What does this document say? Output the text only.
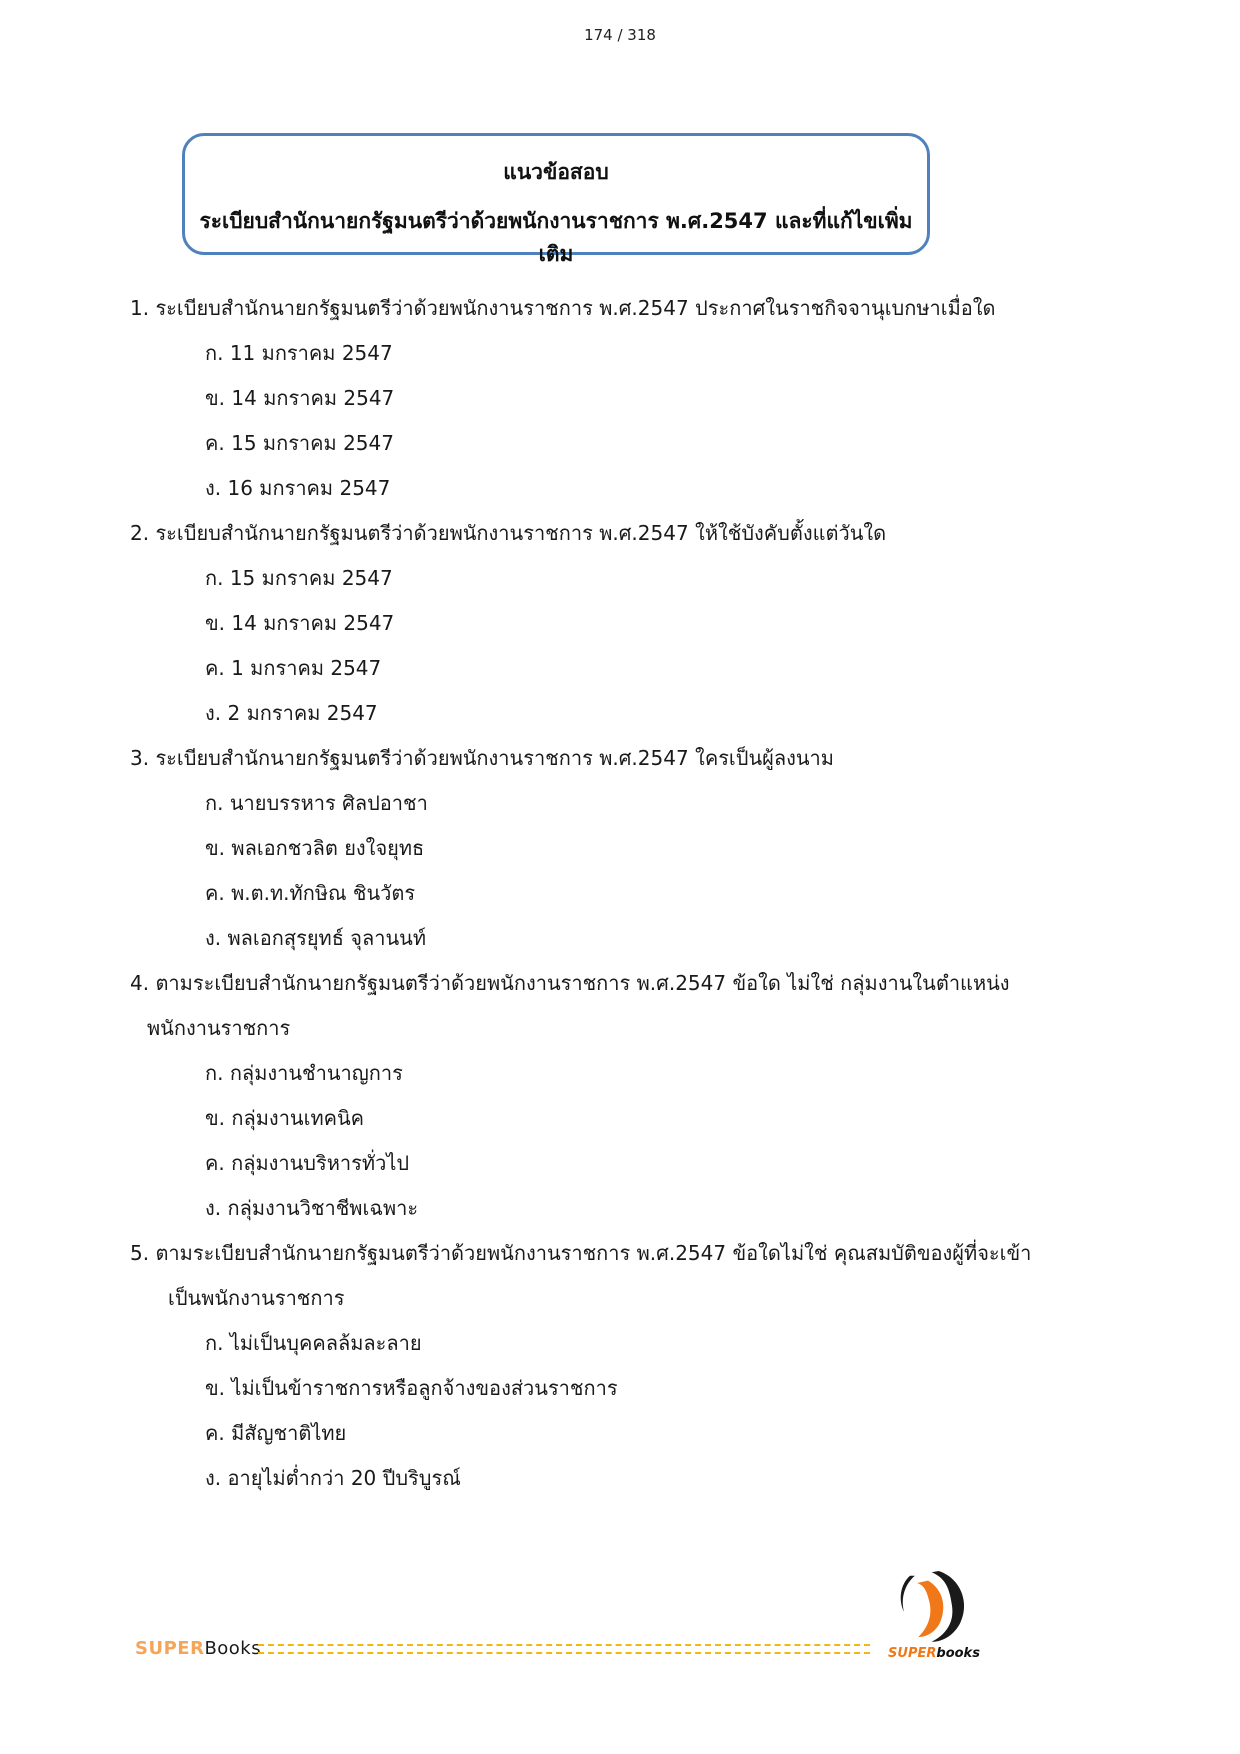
174 / 318
แนวข้อสอบ
ระเบียบสำนักนายกรัฐมนตรีว่าด้วยพนักงานราชการ พ.ศ.2547 และที่แก้ไขเพิ่มเติม
1. ระเบียบสำนักนายกรัฐมนตรีว่าด้วยพนักงานราชการ พ.ศ.2547 ประกาศในราชกิจจานุเบกษาเมื่อใด
ก. 11 มกราคม 2547
ข. 14 มกราคม 2547
ค. 15 มกราคม 2547
ง. 16 มกราคม 2547
2. ระเบียบสำนักนายกรัฐมนตรีว่าด้วยพนักงานราชการ พ.ศ.2547 ให้ใช้บังคับตั้งแต่วันใด
ก. 15 มกราคม 2547
ข. 14 มกราคม 2547
ค. 1 มกราคม 2547
ง. 2 มกราคม 2547
3. ระเบียบสำนักนายกรัฐมนตรีว่าด้วยพนักงานราชการ พ.ศ.2547 ใครเป็นผู้ลงนาม
ก. นายบรรหาร ศิลปอาชา
ข. พลเอกชวลิต ยงใจยุทธ
ค. พ.ต.ท.ทักษิณ ชินวัตร
ง. พลเอกสุรยุทธ์ จุลานนท์
4. ตามระเบียบสำนักนายกรัฐมนตรีว่าด้วยพนักงานราชการ พ.ศ.2547 ข้อใด ไม่ใช่ กลุ่มงานในตำแหน่ง
พนักงานราชการ
ก. กลุ่มงานชำนาญการ
ข. กลุ่มงานเทคนิค
ค. กลุ่มงานบริหารทั่วไป
ง. กลุ่มงานวิชาชีพเฉพาะ
5. ตามระเบียบสำนักนายกรัฐมนตรีว่าด้วยพนักงานราชการ พ.ศ.2547 ข้อใดไม่ใช่ คุณสมบัติของผู้ที่จะเข้า
เป็นพนักงานราชการ
ก. ไม่เป็นบุคคลล้มละลาย
ข. ไม่เป็นข้าราชการหรือลูกจ้างของส่วนราชการ
ค. มีสัญชาติไทย
ง. อายุไม่ต่ำกว่า 20 ปีบริบูรณ์
SUPERBooks	SUPERbooks
